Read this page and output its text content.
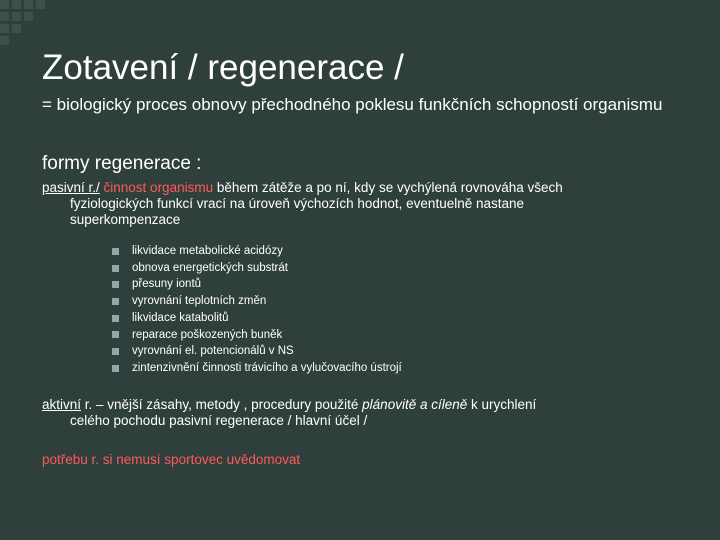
Zotavení / regenerace /

= biologický proces obnovy přechodného poklesu funkčních schopností organismu

formy regenerace :

pasivní r./ činnost organismu během zátěže a po ní, kdy se vychýlená rovnováha všech

fyziologických funkcí vrací na úroveň výchozích hodnot, eventuelně nastane

superkompenzace

likvidace metabolické acidózy
obnova energetických substrát
přesuny iontů
vyrovnání teplotních změn
likvidace katabolitů
reparace poškozených buněk
vyrovnání el. potencionálů v NS
zintenzivnění činnosti trávicího a vylučovacího ústrojí

aktivní r. – vnější zásahy, metody , procedury použité plánovitě a cíleně k urychlení

celého pochodu pasivní regenerace / hlavní účel /

potřebu r. si nemusí sportovec uvědomovat
